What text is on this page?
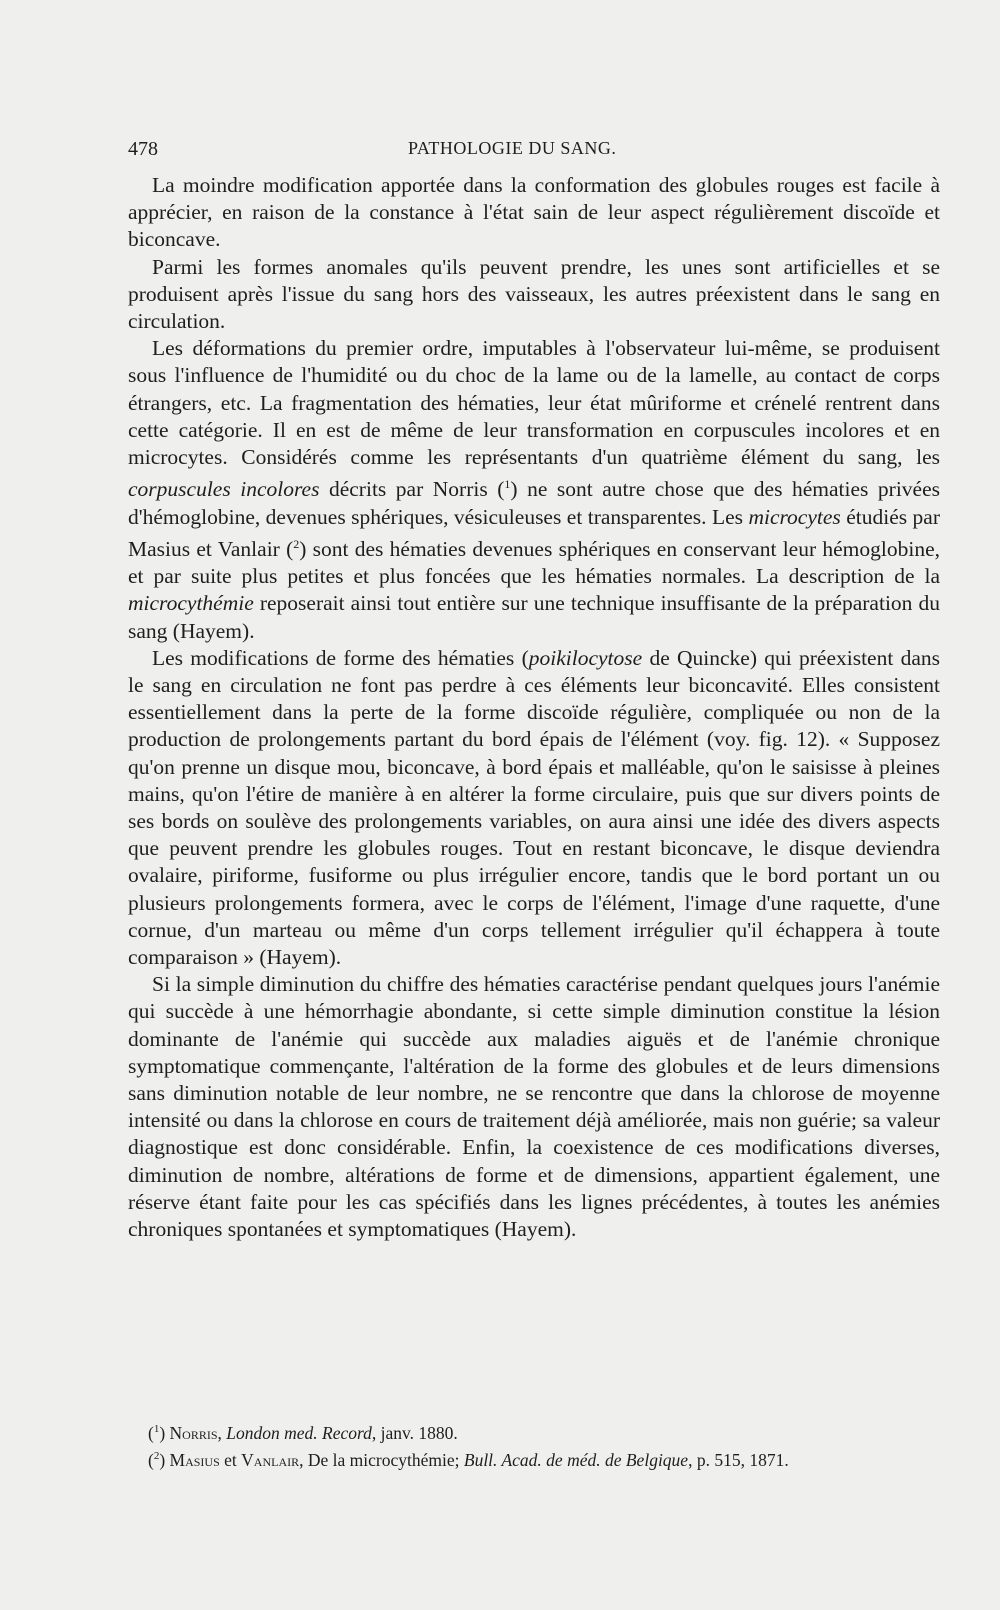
478	PATHOLOGIE DU SANG.

La moindre modification apportée dans la conformation des globules rouges est facile à apprécier, en raison de la constance à l'état sain de leur aspect régulièrement discoïde et biconcave.

Parmi les formes anomales qu'ils peuvent prendre, les unes sont artificielles et se produisent après l'issue du sang hors des vaisseaux, les autres préexistent dans le sang en circulation.

Les déformations du premier ordre, imputables à l'observateur lui-même, se produisent sous l'influence de l'humidité ou du choc de la lame ou de la lamelle, au contact de corps étrangers, etc. La fragmentation des hématies, leur état mûriforme et crénelé rentrent dans cette catégorie. Il en est de même de leur transformation en corpuscules incolores et en microcytes. Considérés comme les représentants d'un quatrième élément du sang, les corpuscules incolores décrits par Norris ($^1$) ne sont autre chose que des hématies privées d'hémoglobine, devenues sphériques, vésiculeuses et transparentes. Les microcytes étudiés par Masius et Vanlair ($^2$) sont des hématies devenues sphériques en conservant leur hémoglobine, et par suite plus petites et plus foncées que les hématies normales. La description de la microcythémie reposerait ainsi tout entière sur une technique insuffisante de la préparation du sang (Hayem).

Les modifications de forme des hématies (poikilocytose de Quincke) qui préexistent dans le sang en circulation ne font pas perdre à ces éléments leur biconcavité. Elles consistent essentiellement dans la perte de la forme discoïde régulière, compliquée ou non de la production de prolongements partant du bord épais de l'élément (voy. fig. 12). « Supposez qu'on prenne un disque mou, biconcave, à bord épais et malléable, qu'on le saisisse à pleines mains, qu'on l'étire de manière à en altérer la forme circulaire, puis que sur divers points de ses bords on soulève des prolongements variables, on aura ainsi une idée des divers aspects que peuvent prendre les globules rouges. Tout en restant biconcave, le disque deviendra ovalaire, piriforme, fusiforme ou plus irrégulier encore, tandis que le bord portant un ou plusieurs prolongements formera, avec le corps de l'élément, l'image d'une raquette, d'une cornue, d'un marteau ou même d'un corps tellement irrégulier qu'il échappera à toute comparaison » (Hayem).

Si la simple diminution du chiffre des hématies caractérise pendant quelques jours l'anémie qui succède à une hémorrhagie abondante, si cette simple diminution constitue la lésion dominante de l'anémie qui succède aux maladies aiguës et de l'anémie chronique symptomatique commençante, l'altération de la forme des globules et de leurs dimensions sans diminution notable de leur nombre, ne se rencontre que dans la chlorose de moyenne intensité ou dans la chlorose en cours de traitement déjà améliorée, mais non guérie; sa valeur diagnostique est donc considérable. Enfin, la coexistence de ces modifications diverses, diminution de nombre, altérations de forme et de dimensions, appartient également, une réserve étant faite pour les cas spécifiés dans les lignes précédentes, à toutes les anémies chroniques spontanées et symptomatiques (Hayem).

($^1$) Norris, London med. Record, janv. 1880.

($^2$) Masius et Vanlair, De la microcythémie; Bull. Acad. de méd. de Belgique, p. 515, 1871.
